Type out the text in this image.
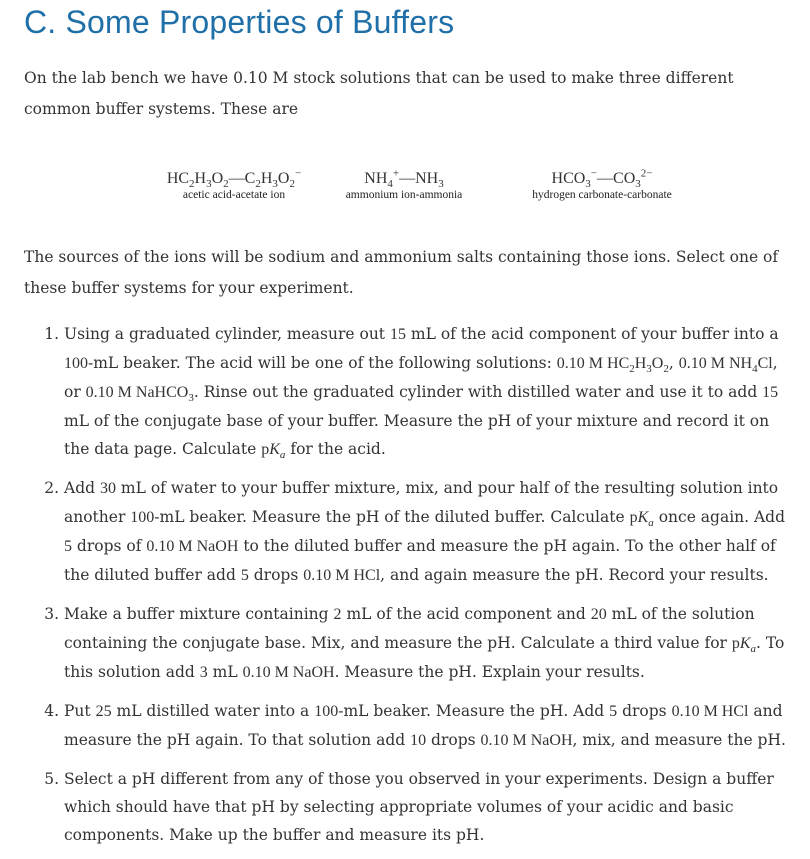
C. Some Properties of Buffers

On the lab bench we have 0.10 M stock solutions that can be used to make three different common buffer systems. These are

$HC_2H_3O_2—C_2H_3O_2^-$
acetic acid-acetate ion
$NH_4^+—NH_3$
ammonium ion-ammonia
$HCO_3^-—CO_3^{2-}$
hydrogen carbonate-carbonate

The sources of the ions will be sodium and ammonium salts containing those ions. Select one of these buffer systems for your experiment.

1. Using a graduated cylinder, measure out 15 mL of the acid component of your buffer into a 100-mL beaker. The acid will be one of the following solutions: 0.10 M $HC_2H_3O_2$, 0.10 M $NH_4Cl$, or 0.10 M NaHCO$_3$. Rinse out the graduated cylinder with distilled water and use it to add 15 mL of the conjugate base of your buffer. Measure the pH of your mixture and record it on the data page. Calculate $pK_a$ for the acid.
2. Add 30 mL of water to your buffer mixture, mix, and pour half of the resulting solution into another 100-mL beaker. Measure the pH of the diluted buffer. Calculate $pK_a$ once again. Add 5 drops of 0.10 M NaOH to the diluted buffer and measure the pH again. To the other half of the diluted buffer add 5 drops 0.10 M HCl, and again measure the pH. Record your results.
3. Make a buffer mixture containing 2 mL of the acid component and 20 mL of the solution containing the conjugate base. Mix, and measure the pH. Calculate a third value for $pK_a$. To this solution add 3 mL 0.10 M NaOH. Measure the pH. Explain your results.
4. Put 25 mL distilled water into a 100-mL beaker. Measure the pH. Add 5 drops 0.10 M HCl and measure the pH again. To that solution add 10 drops 0.10 M NaOH, mix, and measure the pH.
5. Select a pH different from any of those you observed in your experiments. Design a buffer which should have that pH by selecting appropriate volumes of your acidic and basic components. Make up the buffer and measure its pH.
